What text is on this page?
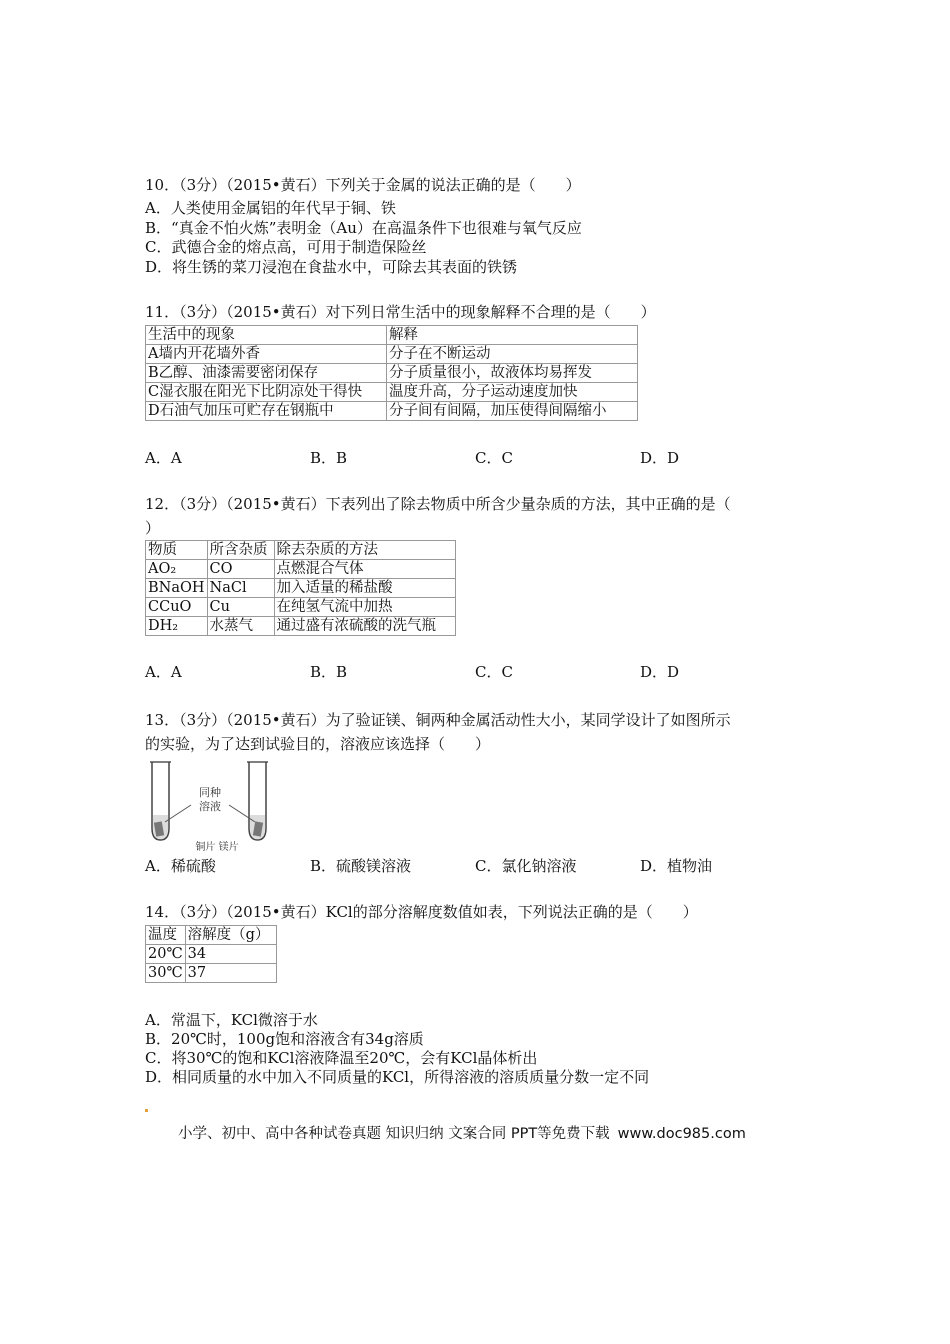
10．（3分）（2015•黄石）下列关于金属的说法正确的是（　　）
A．人类使用金属铝的年代早于铜、铁
B．“真金不怕火炼”表明金（Au）在高温条件下也很难与氧气反应
C．武德合金的熔点高，可用于制造保险丝
D．将生锈的菜刀浸泡在食盐水中，可除去其表面的铁锈
11．（3分）（2015•黄石）对下列日常生活中的现象解释不合理的是（　　）
生活中的现象	解释
A墙内开花墙外香	分子在不断运动
B乙醇、油漆需要密闭保存	分子质量很小，故液体均易挥发
C湿衣服在阳光下比阴凉处干得快	温度升高，分子运动速度加快
D石油气加压可贮存在钢瓶中	分子间有间隔，加压使得间隔缩小
A．A	B．B	C．C	D．D
12．（3分）（2015•黄石）下表列出了除去物质中所含少量杂质的方法，其中正确的是（
）
物质	所含杂质	除去杂质的方法
AO₂	CO	点燃混合气体
BNaOH	NaCl	加入适量的稀盐酸
CCuO	Cu	在纯氢气流中加热
DH₂	水蒸气	通过盛有浓硫酸的洗气瓶
A．A	B．B	C．C	D．D
13．（3分）（2015•黄石）为了验证镁、铜两种金属活动性大小，某同学设计了如图所示
的实验，为了达到试验目的，溶液应该选择（　　）
同种
溶液
铜片 镁片
A．稀硫酸	B．硫酸镁溶液	C．氯化钠溶液	D．植物油
14．（3分）（2015•黄石）KCl的部分溶解度数值如表，下列说法正确的是（　　）
温度	溶解度（g）
20℃	34
30℃	37
A．常温下，KCl微溶于水
B．20℃时，100g饱和溶液含有34g溶质
C．将30℃的饱和KCl溶液降温至20℃，会有KCl晶体析出
D．相同质量的水中加入不同质量的KCl，所得溶液的溶质质量分数一定不同
小学、初中、高中各种试卷真题 知识归纳 文案合同 PPT等免费下载 www.doc985.com
